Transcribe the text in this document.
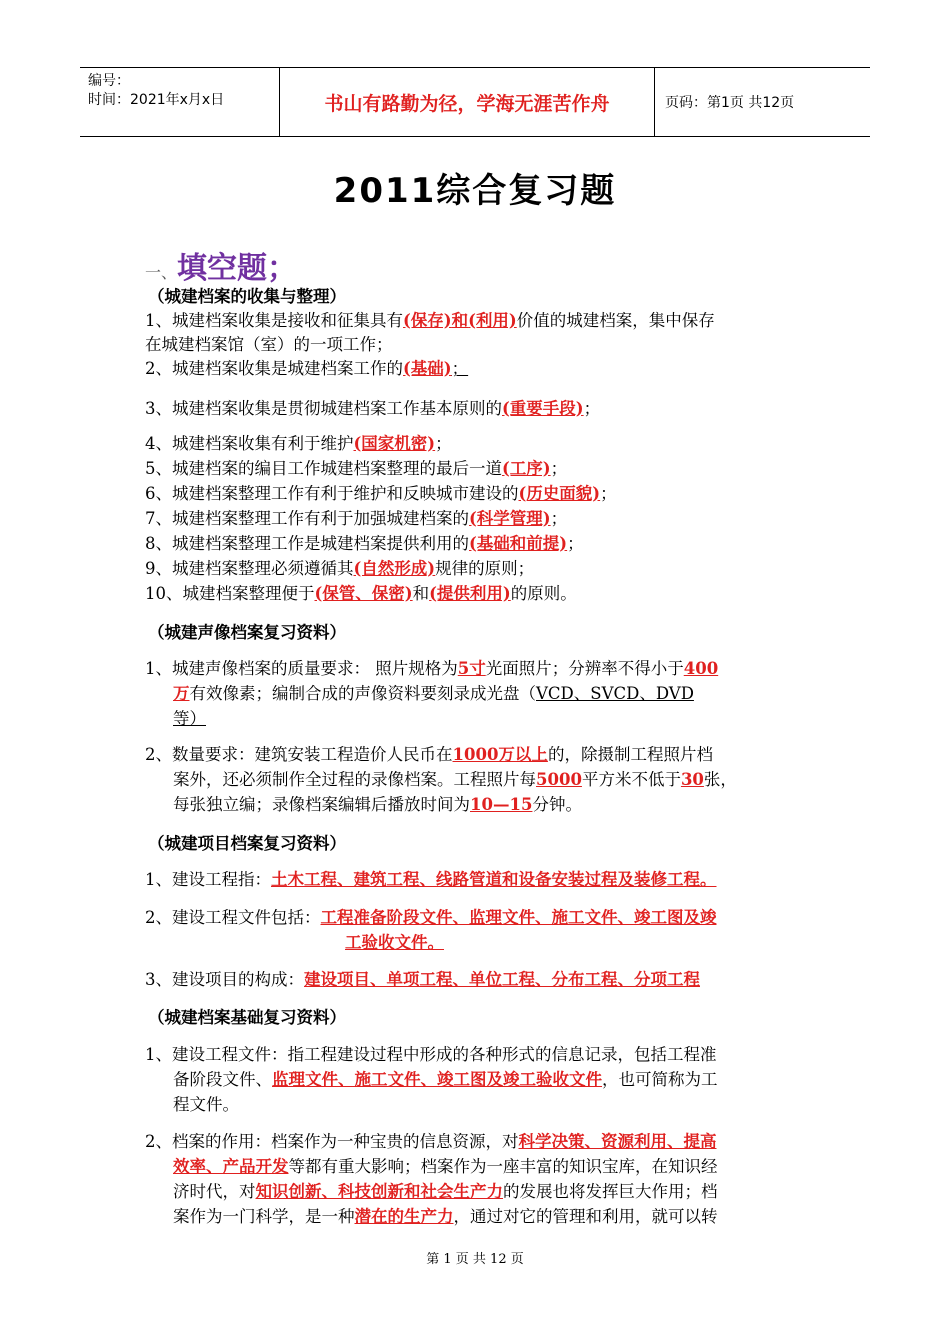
编号：
时间：2021年x月x日	书山有路勤为径，学海无涯苦作舟	页码：第1页 共12页
2011综合复习题
一、填空题；
（城建档案的收集与整理）
1、城建档案收集是接收和征集具有(保存)和(利用)价值的城建档案，集中保存
在城建档案馆（室）的一项工作；
2、城建档案收集是城建档案工作的(基础)；
3、城建档案收集是贯彻城建档案工作基本原则的(重要手段)；
4、城建档案收集有利于维护(国家机密)；
5、城建档案的编目工作城建档案整理的最后一道(工序)；
6、城建档案整理工作有利于维护和反映城市建设的(历史面貌)；
7、城建档案整理工作有利于加强城建档案的(科学管理)；
8、城建档案整理工作是城建档案提供利用的(基础和前提)；
9、城建档案整理必须遵循其(自然形成)规律的原则；
10、城建档案整理便于(保管、保密)和(提供利用)的原则。
（城建声像档案复习资料）
1、城建声像档案的质量要求： 照片规格为5寸光面照片；分辨率不得小于400
万有效像素；编制合成的声像资料要刻录成光盘（VCD、SVCD、DVD
等）
2、数量要求：建筑安装工程造价人民币在1000万以上的，除摄制工程照片档
案外，还必须制作全过程的录像档案。工程照片每5000平方米不低于30张，
每张独立编；录像档案编辑后播放时间为10—15分钟。
（城建项目档案复习资料）
1、建设工程指：土木工程、建筑工程、线路管道和设备安装过程及装修工程。
2、建设工程文件包括：工程准备阶段文件、监理文件、施工文件、竣工图及竣
工验收文件。
3、建设项目的构成：建设项目、单项工程、单位工程、分布工程、分项工程
（城建档案基础复习资料）
1、建设工程文件：指工程建设过程中形成的各种形式的信息记录，包括工程准
备阶段文件、监理文件、施工文件、竣工图及竣工验收文件，也可简称为工
程文件。
2、档案的作用：档案作为一种宝贵的信息资源，对科学决策、资源利用、提高
效率、产品开发等都有重大影响；档案作为一座丰富的知识宝库，在知识经
济时代，对知识创新、科技创新和社会生产力的发展也将发挥巨大作用；档
案作为一门科学，是一种潜在的生产力，通过对它的管理和利用，就可以转
第 1 页 共 12 页
